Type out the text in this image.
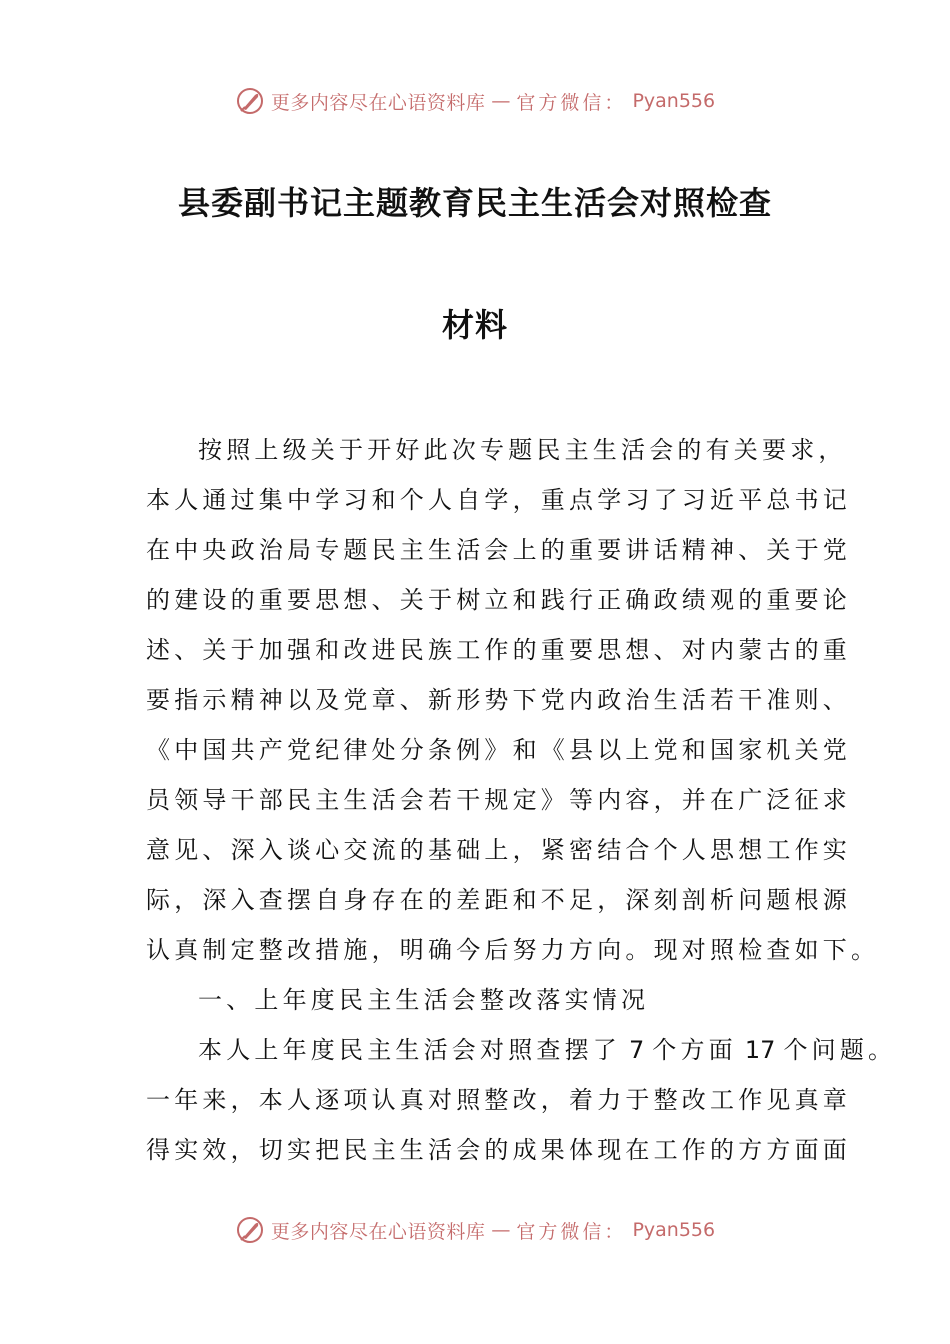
更多内容尽在心语资料库 — 官方微信： Pyan556
县委副书记主题教育民主生活会对照检查
材料
按照上级关于开好此次专题民主生活会的有关要求，
本人通过集中学习和个人自学，重点学习了习近平总书记
在中央政治局专题民主生活会上的重要讲话精神、关于党
的建设的重要思想、关于树立和践行正确政绩观的重要论
述、关于加强和改进民族工作的重要思想、对内蒙古的重
要指示精神以及党章、新形势下党内政治生活若干准则、
《中国共产党纪律处分条例》和《县以上党和国家机关党
员领导干部民主生活会若干规定》等内容，并在广泛征求
意见、深入谈心交流的基础上，紧密结合个人思想工作实
际，深入查摆自身存在的差距和不足，深刻剖析问题根源
认真制定整改措施，明确今后努力方向。现对照检查如下。
一、上年度民主生活会整改落实情况
本人上年度民主生活会对照查摆了 7 个方面 17 个问题。
一年来，本人逐项认真对照整改，着力于整改工作见真章
得实效，切实把民主生活会的成果体现在工作的方方面面
更多内容尽在心语资料库 — 官方微信： Pyan556
